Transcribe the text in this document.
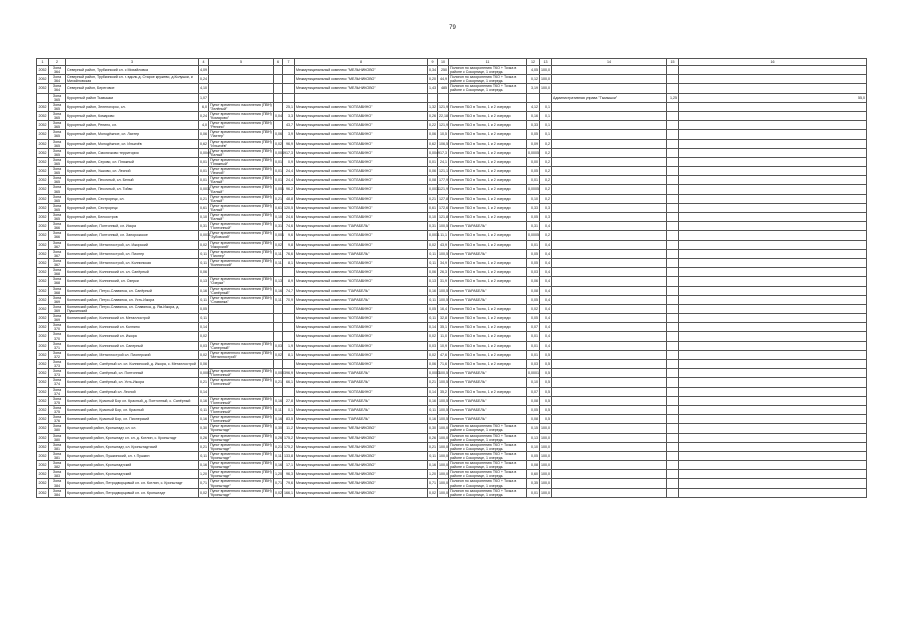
79
1	2	3	4	5	6	7	8	9	10	11	12	13	14	15	16
2052	Зона 364	Северный район, Трубкинский сл. с Михайловка	4,09				Межмуниципальный комплекс "МЕЛЬНИКОВО"	0,34	250	Полигон по захоронению ТКО + Точка в районе с Сокорнице, 1 очередь	4,05	100,0			
2052	Зона 364	Северный район, Трубкинский сл. г. вдоль д. Старое кружево, д.Колушки, и Михайловская	0,24				Межмуниципальный комплекс "МЕЛЬНИКОВО"	0,20	44,9	Полигон по захоронению ТКО + Точка в районе с Сокорнице, 1 очередь	0,12	100,0			
2052	Зона 364	Северный район, Береговое	4,10				Межмуниципальный комплекс "МЕЛЬНИКОВО"	1,43	485	Полигон по захоронению ТКО + Точка в районе с Сокорнице, 1 очередь	3,19	100,0			
	Зона 365	Курортный район Тымышки	1,07										Административная управа "Тымышки"	1,25	55,0
2052	Зона 365	Курортный район, Зеленогорск, сл.	6,0	Пункт временного накопления (ПВН) "Зелёный"		25,1	Межмуниципальный комплекс "КОТЛАВИНО"	1,32	121,9	Полигон ТБО в Тосно, 1 и 2 очереди	4,12	0,1			
2052	Зона 365	Курортный район, Комарово	0,24	Пункт временного накопления (ПВН) "Комарово"	0,04	3,3	Межмуниципальный комплекс "КОТЛАВИНО"	0,26	22,18	Полигон ТБО в Тосно, 1 и 2 очереди	0,16	0,1			
2052	Зона 365	Курортный район, Репино, сл.	4,0	Пункт временного накопления (ПВН) "Репино"		43,7	Межмуниципальный комплекс "КОТЛАВИНО"	0,22	121,9	Полигон ТБО в Тосно, 1 и 2 очереди	0,33	0,1			
2052	Зона 365	Курортный район, Молодёжное, сл. Лахтер	0,06	Пункт временного накопления (ПВН) "Лахтер"	0,06	3,9	Межмуниципальный комплекс "КОТЛАВИНО"	0,06	10,5	Полигон ТБО в Тосно, 1 и 2 очереди	0,05	0,1			
2052	Зона 365	Курортный район, Молодёжное, сл. Ильичёв	0,62	Пункт временного накопления (ПВН) "Ильичёв"	0,02	96,9	Межмуниципальный комплекс "КОТЛАВИНО"	0,62	106,5	Полигон ТБО в Тосно, 1 и 2 очереди	0,09	0,2			
2052	Зона 365	Курортный район, Смолячково территория	0,0049	Пункт временного накопления (ПВН) "Белый"	0,0049	17,3	Межмуниципальный комплекс "КОТЛАВИНО"	0,0049	17,3	Полигон ТБО в Тосно, 1 и 2 очереди	0,0005	0,2			
2052	Зона 365	Курортный район, Серово, сл. Пляжный	0,01	Пункт временного накопления (ПВН) "Пляжный"	0,01	0,9	Межмуниципальный комплекс "КОТЛАВИНО"	0,01	24,1	Полигон ТБО в Тосно, 1 и 2 очереди	0,00	0,2			
2052	Зона 365	Курортный район, Ушково, сл. Лесной	0,01	Пункт временного накопления (ПВН) "Лесной"	0,01	24,4	Межмуниципальный комплекс "КОТЛАВИНО"	0,06	121,1	Полигон ТБО в Тосно, 1 и 2 очереди	0,05	0,2			
2052	Зона 365	Курортный район, Песочный, сл. Белый	0,01	Пункт временного накопления (ПВН) "Белый"	0,01	24,4	Межмуниципальный комплекс "КОТЛАВИНО"	0,08	177,9	Полигон ТБО в Тосно, 1 и 2 очереди	0,01	0,2			
2052	Зона 365	Курортный район, Песочный, сл. Тойво	0,0011	Пункт временного накопления (ПВН) "Белый"	0,001	96,2	Межмуниципальный комплекс "КОТЛАВИНО"	0,0011	121,9	Полигон ТБО в Тосно, 1 и 2 очереди	0,0005	0,2			
2052	Зона 365	Курортный район, Сестрорецк, сл.	0,21	Пункт временного накопления (ПВН) "Белый"	0,21	48,8	Межмуниципальный комплекс "КОТЛАВИНО"	0,21	127,8	Полигон ТБО в Тосно, 1 и 2 очереди	0,10	0,2			
2052	Зона 365	Курортный район, Сестрорецк	0,61	Пункт временного накопления (ПВН) "Белый"	0,61	120,5	Межмуниципальный комплекс "КОТЛАВИНО"	0,61	172,6	Полигон ТБО в Тосно, 1 и 2 очереди	0,33	0,3			
2052	Зона 365	Курортный район, Белоостров	0,10	Пункт временного накопления (ПВН) "Белый"	0,10	24,6	Межмуниципальный комплекс "КОТЛАВИНО"	0,10	121,8	Полигон ТБО в Тосно, 1 и 2 очереди	0,05	0,3			
2052	Зона 366	Колпинский район, Понтонный, сл. Искра	0,31	Пункт временного накопления (ПВН) "Понтонный"	0,31	74,6	Межмуниципальный комплекс "ПАРАБЕЛЬ"	0,31	100,5	Полигон "ПАРАБЕЛЬ"	0,31	0,4			
2052	Зона 366	Колпинский район, Понтонный, сл. Запорожское	0,0011	Пункт временного накопления (ПВН) "Зубовский"	0,001	9,6	Межмуниципальный комплекс "КОТЛАВИНО"	0,0011	11,1	Полигон ТБО в Тосно, 1 и 2 очереди	0,0005	0,2			
2052	Зона 367	Колпинский район, Металлострой, сл. Ижорский	0,02	Пункт временного накопления (ПВН) "Ижорский"	0,02	9,8	Межмуниципальный комплекс "КОТЛАВИНО"	0,02	43,9	Полигон ТБО в Тосно, 1 и 2 очереди	0,01	0,4			
2052	Зона 367	Колпинский район, Металлострой, сл. Пионер	0,11	Пункт временного накопления (ПВН) "Пионер"	0,11	76,6	Межмуниципальный комплекс "ПАРАБЕЛЬ"	0,11	100,5	Полигон "ПАРАБЕЛЬ"	0,05	0,4			
2052	Зона 367	Колпинский район, Металлострой, сл. Колпинская	0,11	Пункт временного накопления (ПВН) "Колпинский"	0,11	8,1	Межмуниципальный комплекс "КОТЛАВИНО"	0,11	34,9	Полигон ТБО в Тосно, 1 и 2 очереди	0,05	0,4			
2052	Зона 368	Колпинский район, Колпинский сл. сл. Сапёрный	0,06				Межмуниципальный комплекс "КОТЛАВИНО"	0,06	26,3	Полигон ТБО в Тосно, 1 и 2 очереди	0,03	0,4			
2052	Зона 368	Колпинский район, Колпинский, сл. Озерки	0,13	Пункт временного накопления (ПВН) "Озерки"	0,13	8,9	Межмуниципальный комплекс "КОТЛАВИНО"	0,13	31,9	Полигон ТБО в Тосно, 1 и 2 очереди	0,06	0,4			
2052	Зона 368	Колпинский район, Петро-Славянка, сл. Сапёрный	0,16	Пункт временного накопления (ПВН) "Сапёрный"	0,16	74,7	Межмуниципальный комплекс "ПАРАБЕЛЬ"	0,16	100,5	Полигон "ПАРАБЕЛЬ"	0,08	0,4			
2052	Зона 369	Колпинский район, Петро-Славянка, сл. Усть-Ижора	0,11	Пункт временного накопления (ПВН) "Славянка"	0,11	70,9	Межмуниципальный комплекс "ПАРАБЕЛЬ"	0,11	100,5	Полигон "ПАРАБЕЛЬ"	0,05	0,4			
2052	Зона 369	Колпинский район, Петро-Славянка, сл. Славянка, д. Ям-Ижора, д. Пушкинский	0,05				Межмуниципальный комплекс "КОТЛАВИНО"	0,05	16,4	Полигон ТБО в Тосно, 1 и 2 очереди	0,02	0,4			
2052	Зона 369	Колпинский район, Колпинский сл. Металлострой	0,11				Межмуниципальный комплекс "КОТЛАВИНО"	0,11	32,8	Полигон ТБО в Тосно, 1 и 2 очереди	0,05	0,4			
2052	Зона 370	Колпинский район, Колпинский сл. Колпино	0,14				Межмуниципальный комплекс "КОТЛАВИНО"	0,14	35,1	Полигон ТБО в Тосно, 1 и 2 очереди	0,07	0,4			
2052	Зона 370	Колпинский район, Колпинский сл. Ижора	0,02				Межмуниципальный комплекс "КОТЛАВИНО"	0,02	11,0	Полигон ТБО в Тосно, 1 и 2 очереди	0,01	0,4			
2052	Зона 371	Колпинский район, Колпинский сл. Саперный	0,03	Пункт временного накопления (ПВН) "Саперный"	0,03	1,9	Межмуниципальный комплекс "КОТЛАВИНО"	0,03	10,9	Полигон ТБО в Тосно, 1 и 2 очереди	0,01	0,4			
2052	Зона 372	Колпинский район, Металлострой сл. Пионерский	0,02	Пункт временного накопления (ПВН) "Металлострой"	0,02	8,1	Межмуниципальный комплекс "КОТЛАВИНО"	0,02	47,6	Полигон ТБО в Тосно, 1 и 2 очереди	0,01	0,5			
2052	Зона 373	Колпинский район, Сапёрный сл. сл. Колпинский, д. Ижора, с. Металлострой	0,06				Межмуниципальный комплекс "КОТЛАВИНО"	0,06	71,6	Полигон ТБО в Тосно, 1 и 2 очереди	0,03	0,5			
2052	Зона 373	Колпинский район, Сапёрный, сл. Понтонный	0,0003	Пункт временного накопления (ПВН) "Понтонный"	0,0003	96,9	Межмуниципальный комплекс "ПАРАБЕЛЬ"	0,0003	100,5	Полигон "ПАРАБЕЛЬ"	0,0001	0,5			
2052	Зона 374	Колпинский район, Сапёрный, сл. Усть-Ижора	0,21	Пункт временного накопления (ПВН) "Понтонный"	0,21	66,1	Межмуниципальный комплекс "ПАРАБЕЛЬ"	0,21	100,5	Полигон "ПАРАБЕЛЬ"	0,10	0,5			
2052	Зона 374	Колпинский район, Сапёрный сл. Лесной	0,14				Межмуниципальный комплекс "КОТЛАВИНО"	0,14	35,2	Полигон ТБО в Тосно, 1 и 2 очереди	0,07	0,5			
2052	Зона 375	Колпинский район, Красный Бор сл. Красный, д. Понтонный, с. Сапёрный	0,16	Пункт временного накопления (ПВН) "Понтонный"	0,16	27,8	Межмуниципальный комплекс "ПАРАБЕЛЬ"	0,16	100,5	Полигон "ПАРАБЕЛЬ"	0,08	0,5			
2052	Зона 375	Колпинский район, Красный Бор, сл. Красный	0,11	Пункт временного накопления (ПВН) "Понтонный"	0,11	0,1	Межмуниципальный комплекс "ПАРАБЕЛЬ"	0,11	100,5	Полигон "ПАРАБЕЛЬ"	0,05	0,5			
2052	Зона 376	Колпинский район, Красный Бор, сл. Пионерский	0,16	Пункт временного накопления (ПВН) "Понтонный"	0,16	83,5	Межмуниципальный комплекс "ПАРАБЕЛЬ"	0,16	100,5	Полигон "ПАРАБЕЛЬ"	0,08	0,5			
2052	Зона 380	Кронштадтский район, Кронштадт, сл. сл.	0,30	Пункт временного накопления (ПВН) "Кронштадт"	0,30	11,2	Межмуниципальный комплекс "МЕЛЬНИКОВО"	0,30	100,0	Полигон по захоронению ТКО + Точка в районе с Сокорнице, 1 очередь	0,15	100,0			
2052	Зона 380	Кронштадтский район, Кронштадт сл. сл. д. Котлин, с. Кронштадт	0,26	Пункт временного накопления (ПВН) "Кронштадт"	0,26	175,2	Межмуниципальный комплекс "МЕЛЬНИКОВО"	0,26	100,0	Полигон по захоронению ТКО + Точка в районе с Сокорнице, 1 очередь	0,13	100,0			
2052	Зона 381	Кронштадтский район, Кронштадт, сл. Кронштадтский	0,21	Пункт временного накопления (ПВН) "Кронштадт"	0,21	175,2	Межмуниципальный комплекс "МЕЛЬНИКОВО"	0,21	100,0	Полигон по захоронению ТКО + Точка в районе с Сокорнице, 1 очередь	0,10	100,0			
2052	Зона 381	Кронштадтский район, Пушкинский, сл. г. Пушкин	0,11	Пункт временного накопления (ПВН) "Кронштадт"	0,11	133,8	Межмуниципальный комплекс "МЕЛЬНИКОВО"	0,11	100,0	Полигон по захоронению ТКО + Точка в районе с Сокорнице, 1 очередь	0,05	100,0			
2052	Зона 382	Кронштадтский район, Кронштадтский	0,16	Пункт временного накопления (ПВН) "Кронштадт"	0,16	17,1	Межмуниципальный комплекс "МЕЛЬНИКОВО"	0,16	100,0	Полигон по захоронению ТКО + Точка в районе с Сокорнице, 1 очередь	0,08	100,0			
2052	Зона 383	Кронштадтский район, Кронштадтский	1,20	Пункт временного накопления (ПВН) "Кронштадт"	1,20	96,3	Межмуниципальный комплекс "МЕЛЬНИКОВО"	1,20	100,0	Полигон по захоронению ТКО + Точка в районе с Сокорнице, 1 очередь	0,60	100,0			
2052	Зона 384	Кронштадтский район, Петродворцовый сл. сл. Котлин, с. Кронштадт	0,71	Пункт временного накопления (ПВН) "Кронштадт"	0,71	79,6	Межмуниципальный комплекс "МЕЛЬНИКОВО"	0,71	100,0	Полигон по захоронению ТКО + Точка в районе с Сокорнице, 1 очередь	0,35	100,0			
2052	Зона 384	Кронштадтский район, Петродворцовый сл. сл. Кронштадт	0,02	Пункт временного накопления (ПВН) "Кронштадт"	0,02	166,1	Межмуниципальный комплекс "МЕЛЬНИКОВО"	0,02	100,0	Полигон по захоронению ТКО + Точка в районе с Сокорнице, 1 очередь	0,01	100,0			
